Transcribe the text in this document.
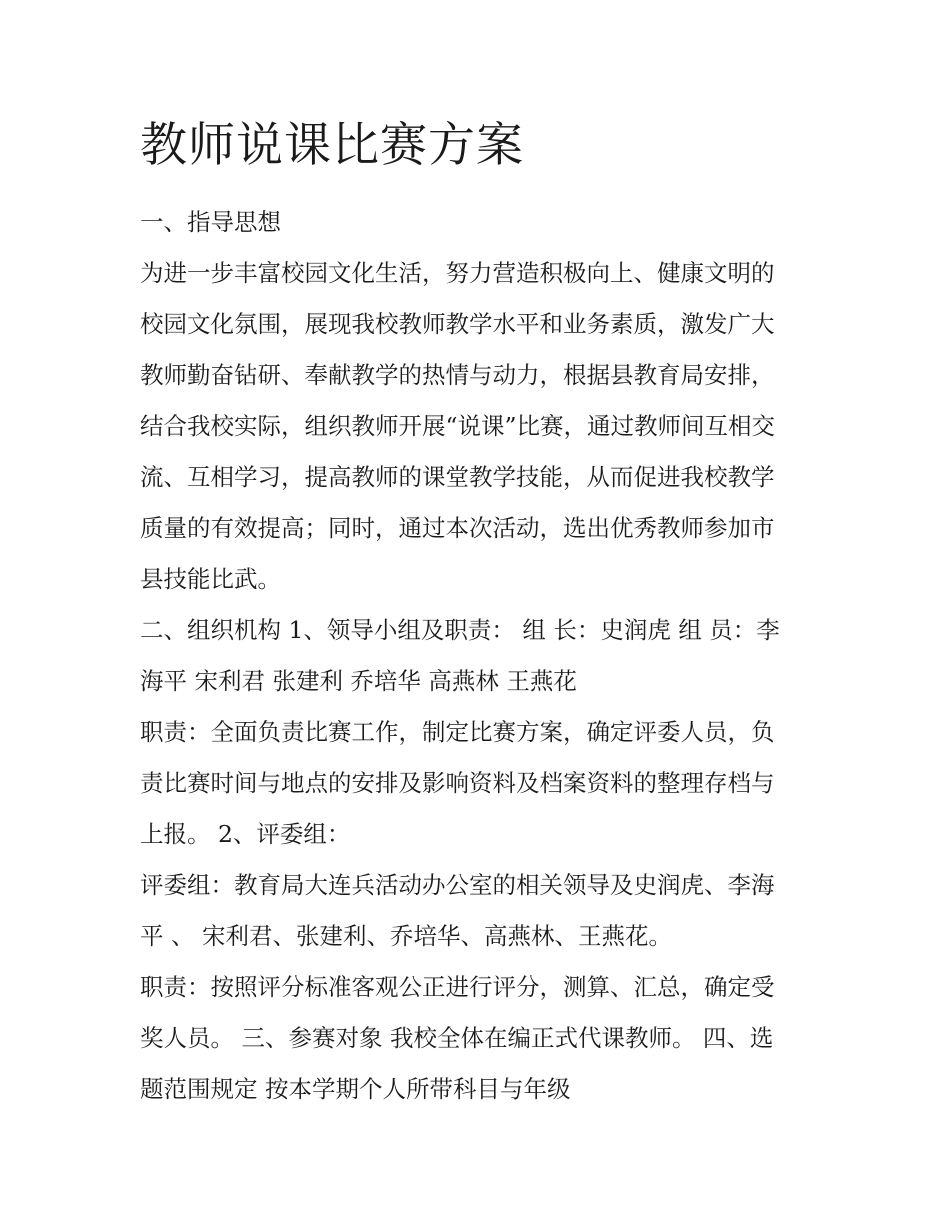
教师说课比赛方案

一、指导思想

为进一步丰富校园文化生活，努力营造积极向上、健康文明的

校园文化氛围，展现我校教师教学水平和业务素质，激发广大

教师勤奋钻研、奉献教学的热情与动力，根据县教育局安排，

结合我校实际，组织教师开展“说课”比赛，通过教师间互相交

流、互相学习，提高教师的课堂教学技能，从而促进我校教学

质量的有效提高；同时，通过本次活动，选出优秀教师参加市

县技能比武。

二、组织机构 1、领导小组及职责： 组 长：史润虎 组 员：李

海平 宋利君 张建利 乔培华 高燕林 王燕花

职责：全面负责比赛工作，制定比赛方案，确定评委人员，负

责比赛时间与地点的安排及影响资料及档案资料的整理存档与

上报。 2、评委组：

评委组：教育局大连兵活动办公室的相关领导及史润虎、李海

平 、 宋利君、张建利、乔培华、高燕林、王燕花。

职责：按照评分标准客观公正进行评分，测算、汇总，确定受

奖人员。 三、参赛对象 我校全体在编正式代课教师。 四、选

题范围规定 按本学期个人所带科目与年级
